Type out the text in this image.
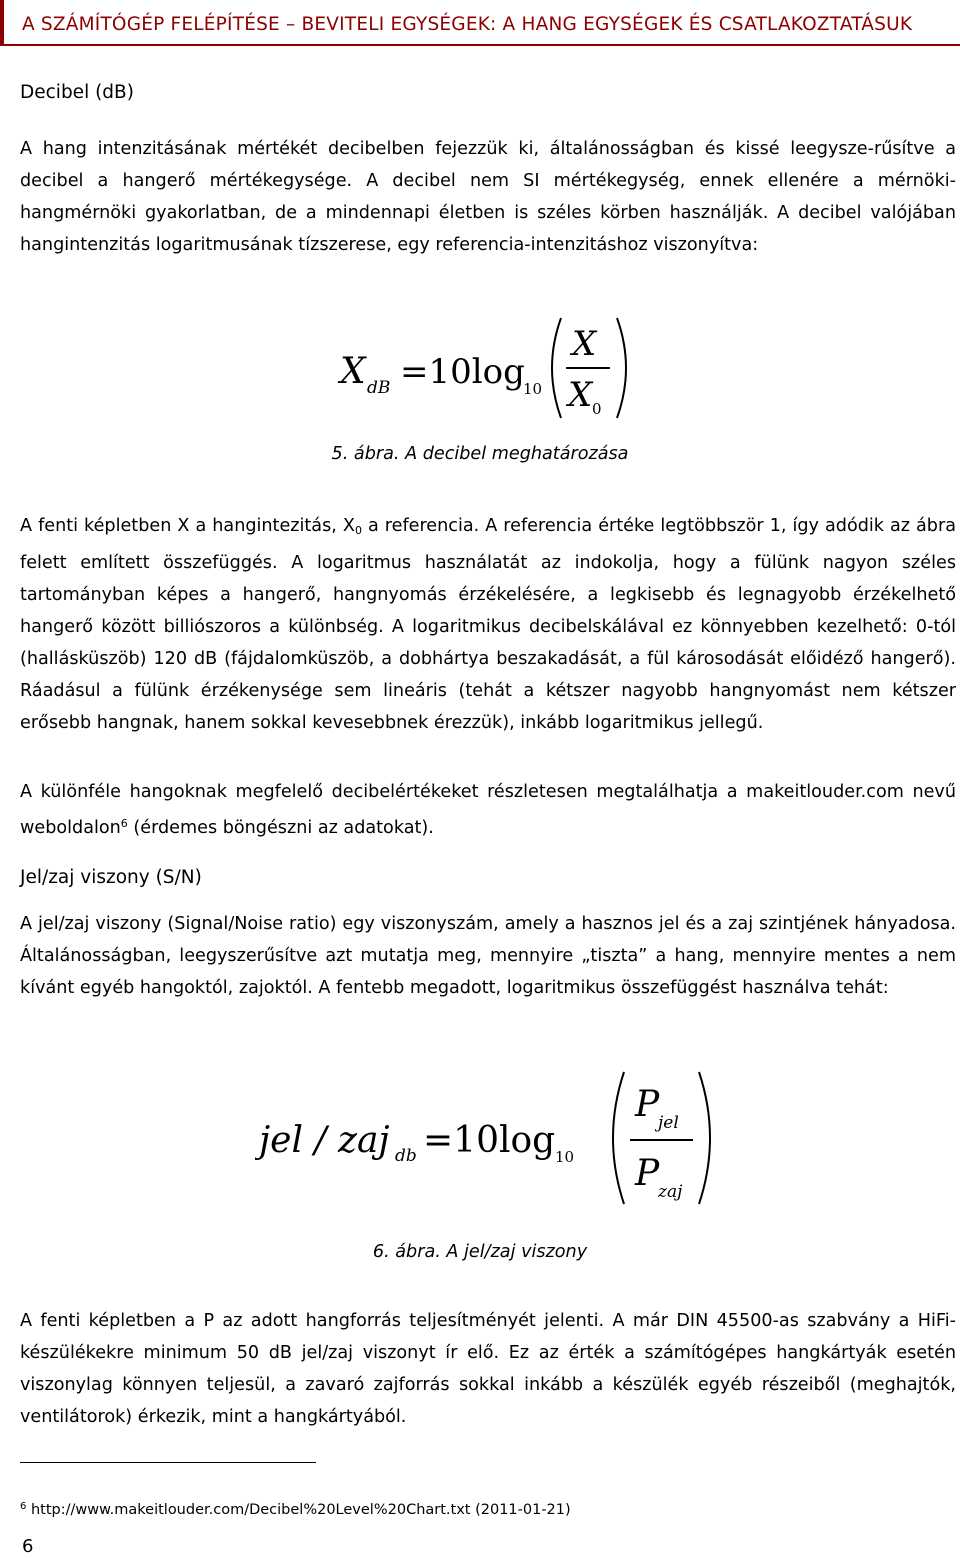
A SZÁMÍTÓGÉP FELÉPÍTÉSE – BEVITELI EGYSÉGEK: A HANG EGYSÉGEK ÉS CSATLAKOZTATÁSUK
Decibel (dB)
A hang intenzitásának mértékét decibelben fejezzük ki, általánosságban és kissé leegysze-rűsítve a decibel a hangerő mértékegysége. A decibel nem SI mértékegység, ennek ellenére a mérnöki-hangmérnöki gyakorlatban, de a mindennapi életben is széles körben használják. A decibel valójában hangintenzitás logaritmusának tízszerese, egy referencia-intenzitáshoz viszonyítva:
X dB =10log
10
X
X 0
5. ábra. A decibel meghatározása
A fenti képletben X a hangintezitás, $X_0$ a referencia. A referencia értéke legtöbbször 1, így adódik az ábra felett említett összefüggés. A logaritmus használatát az indokolja, hogy a fülünk nagyon széles tartományban képes a hangerő, hangnyomás érzékelésére, a legkisebb és legnagyobb érzékelhető hangerő között billiószoros a különbség. A logaritmikus decibelskálával ez könnyebben kezelhető: 0-tól (hallásküszöb) 120 dB (fájdalomküszöb, a dobhártya beszakadását, a fül károsodását előidéző hangerő). Ráadásul a fülünk érzékenysége sem lineáris (tehát a kétszer nagyobb hangnyomást nem kétszer erősebb hangnak, hanem sokkal kevesebbnek érezzük), inkább logaritmikus jellegű.
A különféle hangoknak megfelelő decibelértékeket részletesen megtalálhatja a makeitlouder.com nevű weboldalon$^6$ (érdemes böngészni az adatokat).
Jel/zaj viszony (S/N)
A jel/zaj viszony (Signal/Noise ratio) egy viszonyszám, amely a hasznos jel és a zaj szintjének hányadosa. Általánosságban, leegyszerűsítve azt mutatja meg, mennyire „tiszta” a hang, mennyire mentes a nem kívánt egyéb hangoktól, zajoktól. A fentebb megadott, logaritmikus összefüggést használva tehát:
jel / zaj db =10log 10
P
jel
P
zaj
6. ábra. A jel/zaj viszony
A fenti képletben a P az adott hangforrás teljesítményét jelenti. A már DIN 45500-as szabvány a HiFi-készülékekre minimum 50 dB jel/zaj viszonyt ír elő. Ez az érték a számítógépes hangkártyák esetén viszonylag könnyen teljesül, a zavaró zajforrás sokkal inkább a készülék egyéb részeiből (meghajtók, ventilátorok) érkezik, mint a hangkártyából.
$^6$ http://www.makeitlouder.com/Decibel%20Level%20Chart.txt (2011-01-21)
6
